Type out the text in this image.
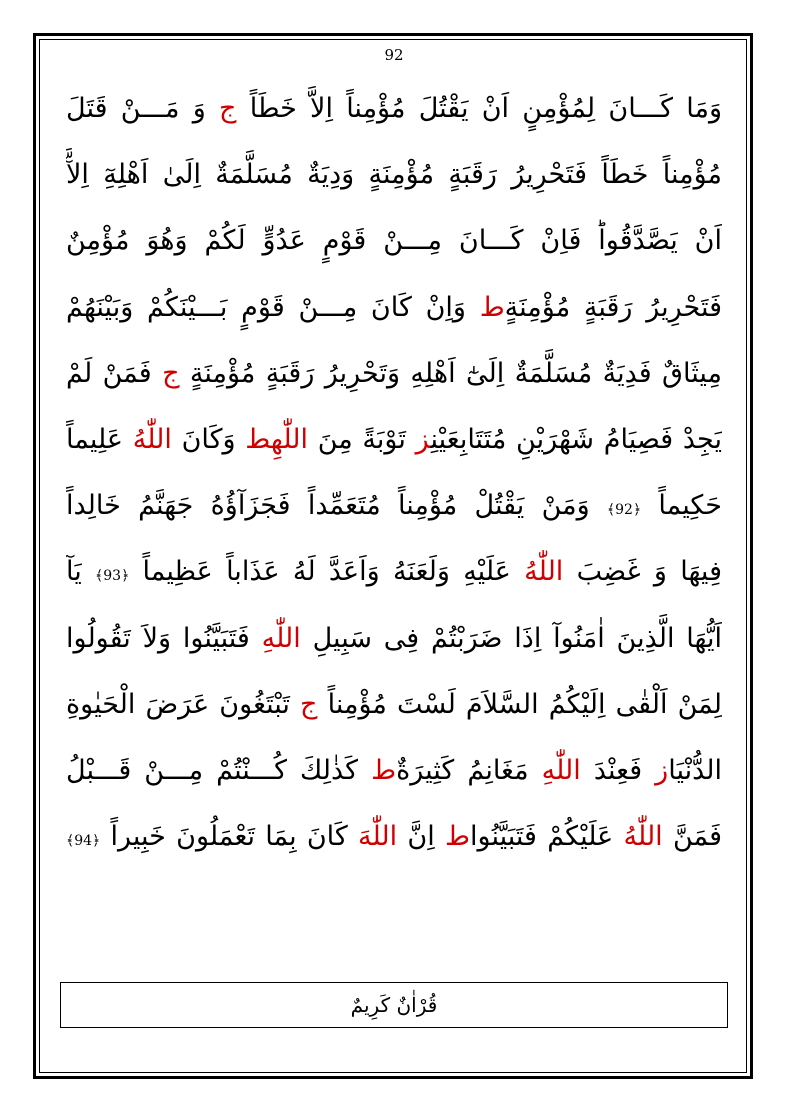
92
وَمَا كَـــانَ لِمُؤْمِنٍ اَنْ يَقْتُلَ مُؤْمِناً اِلاَّ خَطَاً ج وَ مَـــنْ قَتَلَ
مُؤْمِناً خَطَاً فَتَحْرِيرُ رَقَبَةٍ مُؤْمِنَةٍ وَدِيَةٌ مُسَلَّمَةٌ اِلَىٰ اَهْلِهِ اِلاَّ
اَنْ يَصَّدَّقُوا فَاِنْ كَـــانَ مِـــنْ قَوْمٍ عَدُوٍّ لَكُمْ وَهُوَ مُؤْمِنٌ
فَتَحْرِيرُ رَقَبَةٍ مُؤْمِنَةٍط وَاِنْ كَانَ مِـــنْ قَوْمٍ بَـــيْنَكُمْ وَبَيْنَهُمْ
مِيثَاقٌ فَدِيَةٌ مُسَلَّمَةٌ اِلَىٰ اَهْلِهِ وَتَحْرِيرُ رَقَبَةٍ مُؤْمِنَةٍ ج فَمَنْ لَمْ
يَجِدْ فَصِيَامُ شَهْرَيْنِ مُتَتَابِعَيْنِز تَوْبَةً مِنَ اللّٰهِط وَكَانَ اللّٰهُ عَلِيماً
حَكِيماً ﴿92﴾ وَمَنْ يَقْتُلْ مُؤْمِناً مُتَعَمِّداً فَجَزَاؤُهُ جَهَنَّمُ خَالِداً
فِيهَا وَ غَضِبَ اللّٰهُ عَلَيْهِ وَلَعَنَهُ وَاَعَدَّ لَهُ عَذَاباً عَظِيماً ﴿93﴾ يَا
اَيُّهَا الَّذِينَ اٰمَنُوا اِذَا ضَرَبْتُمْ فِى سَبِيلِ اللّٰهِ فَتَبَيَّنُوا وَلاَ تَقُولُوا
لِمَنْ اَلْقٰى اِلَيْكُمُ السَّلاَمَ لَسْتَ مُؤْمِناً ج تَبْتَغُونَ عَرَضَ الْحَيٰوةِ
الدُّنْيَاز فَعِنْدَ اللّٰهِ مَغَانِمُ كَثِيرَةٌط كَذٰلِكَ كُـــنْتُمْ مِـــنْ قَـــبْلُ
فَمَنَّ اللّٰهُ عَلَيْكُمْ فَتَبَيَّنُواط اِنَّ اللّٰهَ كَانَ بِمَا تَعْمَلُونَ خَبِيراً ﴿94﴾
قُرْاٰنٌ كَرِيمٌ
